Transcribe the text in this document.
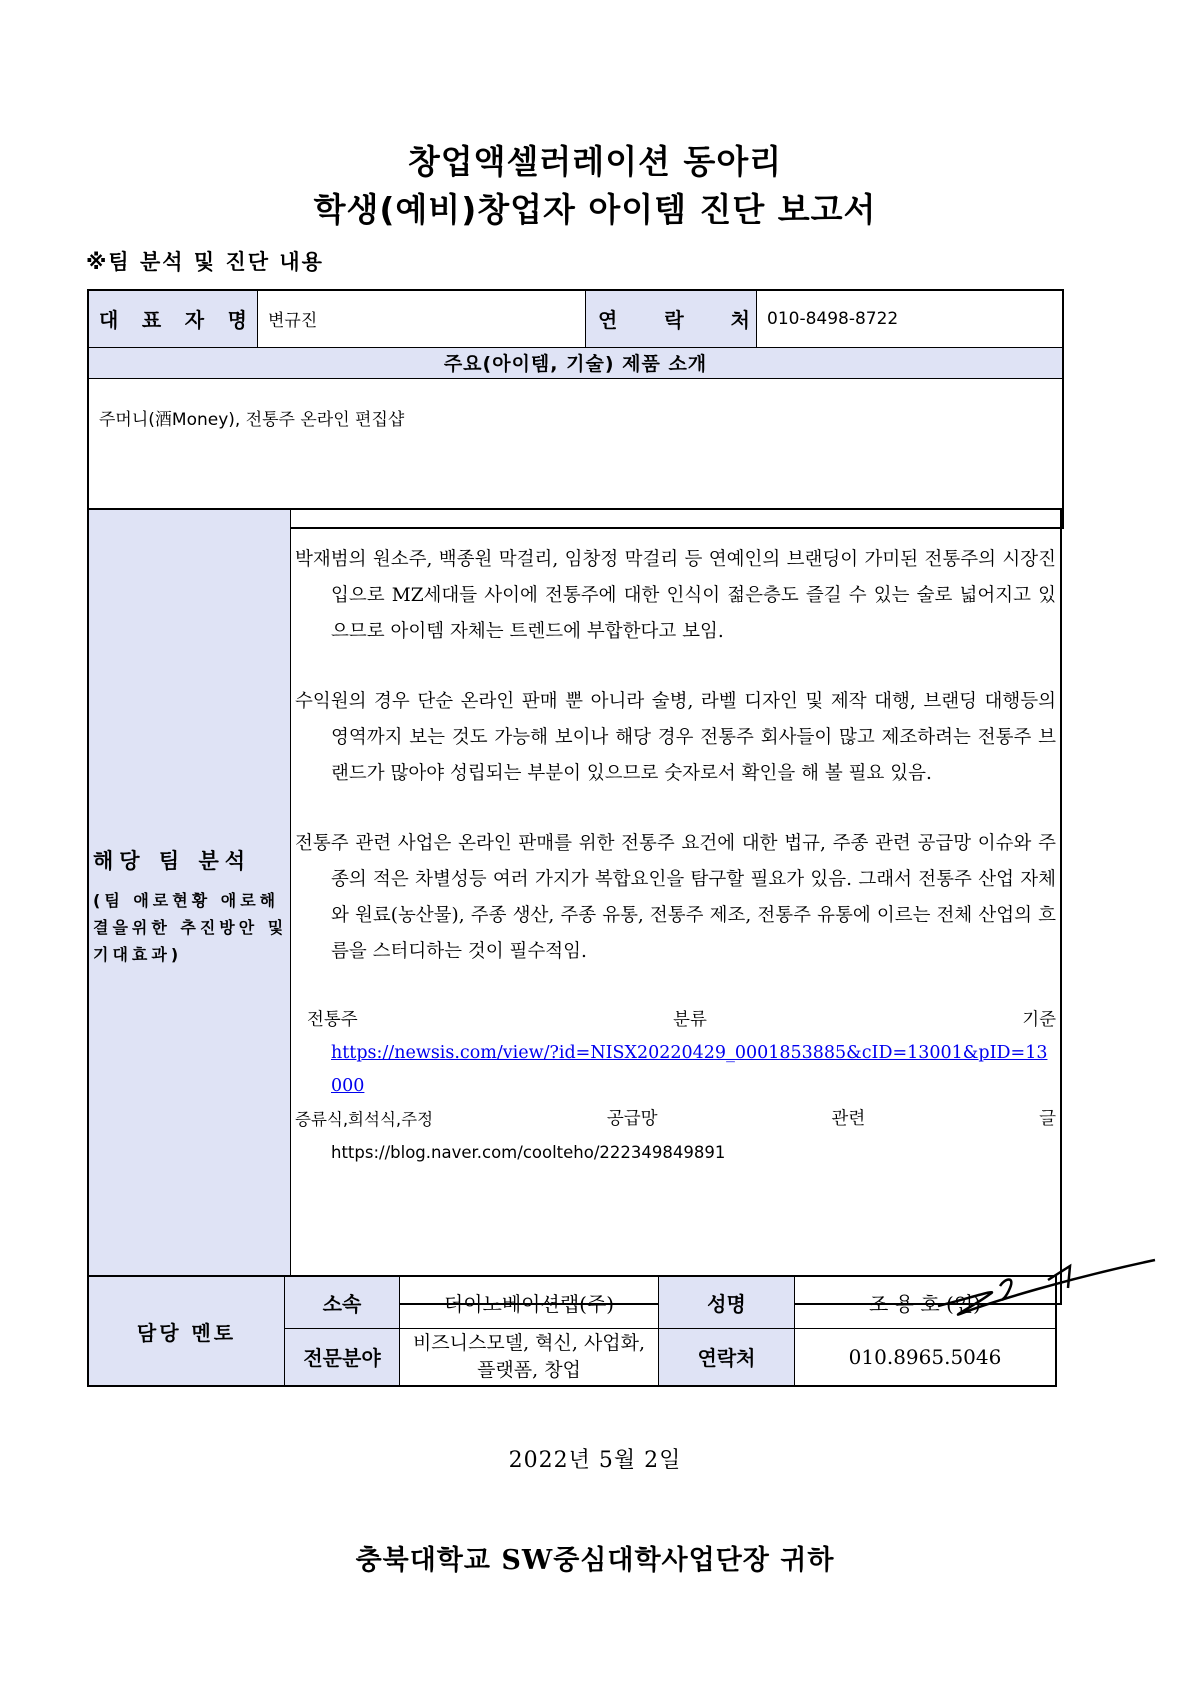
창업액셀러레이션 동아리
학생(예비)창업자 아이템 진단 보고서
※팀 분석 및 진단 내용
대 표 자 명	변규진	연 락 처	010-8498-8722
주요(아이템, 기술) 제품 소개
주머니(酒Money), 전통주 온라인 편집샵
해당 팀 분석
(팀 애로현황 애로해결을위한 추진방안 및 기대효과)

박재범의 원소주, 백종원 막걸리, 임창정 막걸리 등 연예인의 브랜딩이 가미된 전통주의 시장진입으로 MZ세대들 사이에 전통주에 대한 인식이 젊은층도 즐길 수 있는 술로 넓어지고 있으므로 아이템 자체는 트렌드에 부합한다고 보임.
수익원의 경우 단순 온라인 판매 뿐 아니라 술병, 라벨 디자인 및 제작 대행, 브랜딩 대행등의 영역까지 보는 것도 가능해 보이나 해당 경우 전통주 회사들이 많고 제조하려는 전통주 브랜드가 많아야 성립되는 부분이 있으므로 숫자로서 확인을 해 볼 필요 있음.
전통주 관련 사업은 온라인 판매를 위한 전통주 요건에 대한 법규, 주종 관련 공급망 이슈와 주종의 적은 차별성등 여러 가지가 복합요인을 탐구할 필요가 있음. 그래서 전통주 산업 자체와 원료(농산물), 주종 생산, 주종 유통, 전통주 제조, 전통주 유통에 이르는 전체 산업의 흐름을 스터디하는 것이 필수적임.
전통주	분류	기준
https://newsis.com/view/?id=NISX20220429_0001853885&cID=13001&pID=13000
증류식,희석식,주정	공급망	관련	글
https://blog.naver.com/coolteho/222349849891
담당 멘토	소속	더이노베이션랩(주)	성명	조 용 호 (인)
	전문분야	비즈니스모델, 혁신, 사업화, 플랫폼, 창업	연락처	010.8965.5046
2022년 5월 2일
충북대학교 SW중심대학사업단장 귀하
